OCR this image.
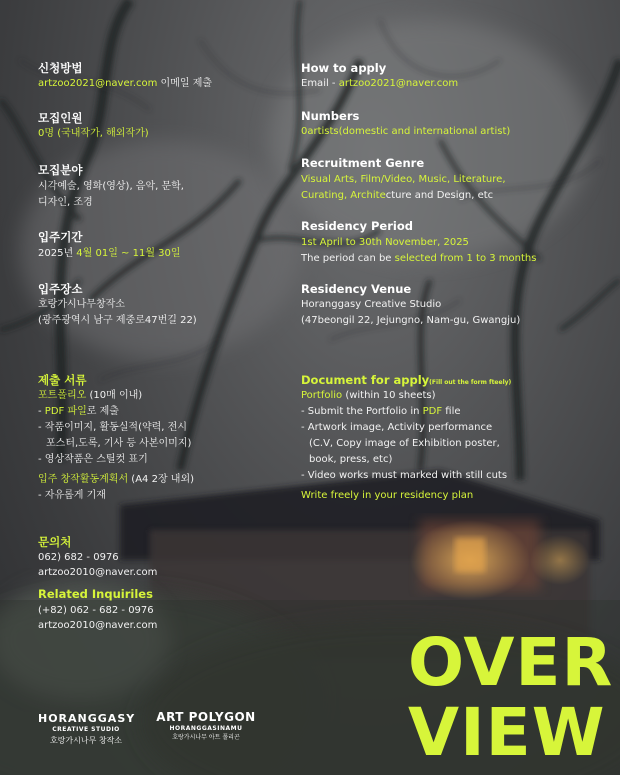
신청방법
artzoo2021@naver.com 이메일 제출
모집인원
0명 (국내작가, 해외작가)
모집분야
시각예술, 영화(영상), 음악, 문학,
디자인, 조경
입주기간
2025년 4월 01일 ~ 11월 30일
입주장소
호랑가시나무창작소
(광주광역시 남구 제중로47번길 22)
제출 서류
포트폴리오 (10매 이내)
- PDF 파일로 제출
- 작품이미지, 활동실적(약력, 전시
포스터,도록, 기사 등 사본이미지)
- 영상작품은 스틸컷 표기
입주 창작활동계획서 (A4 2장 내외)
- 자유롭게 기재
문의처
062) 682 - 0976
artzoo2010@naver.com
How to apply
Email - artzoo2021@naver.com
Numbers
0artists(domestic and international artist)
Recruitment Genre
Visual Arts, Film/Video, Music, Literature,
Curating, Architecture and Design, etc
Residency Period
1st April to 30th November, 2025
The period can be selected from 1 to 3 months
Residency Venue
Horanggasy Creative Studio
(47beongil 22, Jejungno, Nam-gu, Gwangju)
Document for apply(Fill out the form fteely)
Portfolio (within 10 sheets)
- Submit the Portfolio in PDF file
- Artwork image, Activity performance
(C.V, Copy image of Exhibition poster,
book, press, etc)
- Video works must marked with still cuts
Write freely in your residency plan
Related Inquiriles
(+82) 062 - 682 - 0976
artzoo2010@naver.com	OVER
VIEW
HORANGGASY
CREATIVE STUDIO
호랑가시나무 창작소
ART POLYGON
HORANGGASINAMU
호랑가시나무 아트 폴리곤
